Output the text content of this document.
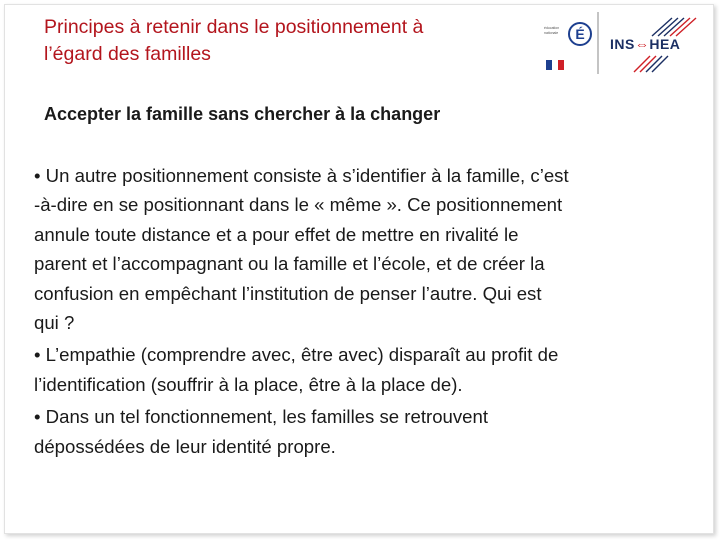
Principes à retenir dans le positionnement à
l’égard des familles
éducation nationale	É
INS⇔HEA
Accepter la famille sans chercher à la changer

• Un autre positionnement consiste à s’identifier à la famille, c’est
-à-dire en se positionnant dans le « même ». Ce positionnement
annule toute distance et a pour effet de mettre en rivalité le
parent et l’accompagnant ou la famille et l’école, et de créer la
confusion en empêchant l’institution de penser l’autre. Qui est
qui ?

• L’empathie (comprendre avec, être avec) disparaît au profit de
l’identification (souffrir à la place, être à la place de).

• Dans un tel fonctionnement, les familles se retrouvent
dépossédées de leur identité propre.
